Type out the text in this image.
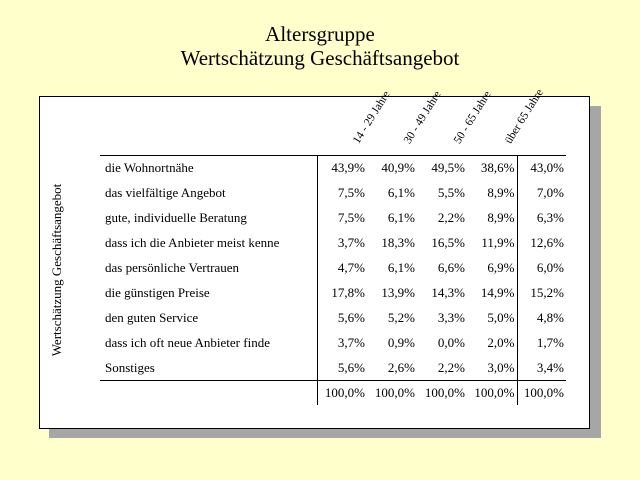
Altersgruppe
Wertschätzung Geschäftsangebot
Wertschätzung Geschäftsangebot
14 - 29 Jahre 30 - 49 Jahre 50 - 65 Jahre über 65 Jahre
die Wohnortnähe	43,9%	40,9%	49,5%	38,6%	43,0%
das vielfältige Angebot	7,5%	6,1%	5,5%	8,9%	7,0%
gute, individuelle Beratung	7,5%	6,1%	2,2%	8,9%	6,3%
dass ich die Anbieter meist kenne	3,7%	18,3%	16,5%	11,9%	12,6%
das persönliche Vertrauen	4,7%	6,1%	6,6%	6,9%	6,0%
die günstigen Preise	17,8%	13,9%	14,3%	14,9%	15,2%
den guten Service	5,6%	5,2%	3,3%	5,0%	4,8%
dass ich oft neue Anbieter finde	3,7%	0,9%	0,0%	2,0%	1,7%
Sonstiges	5,6%	2,6%	2,2%	3,0%	3,4%
	100,0%	100,0%	100,0%	100,0%	100,0%
